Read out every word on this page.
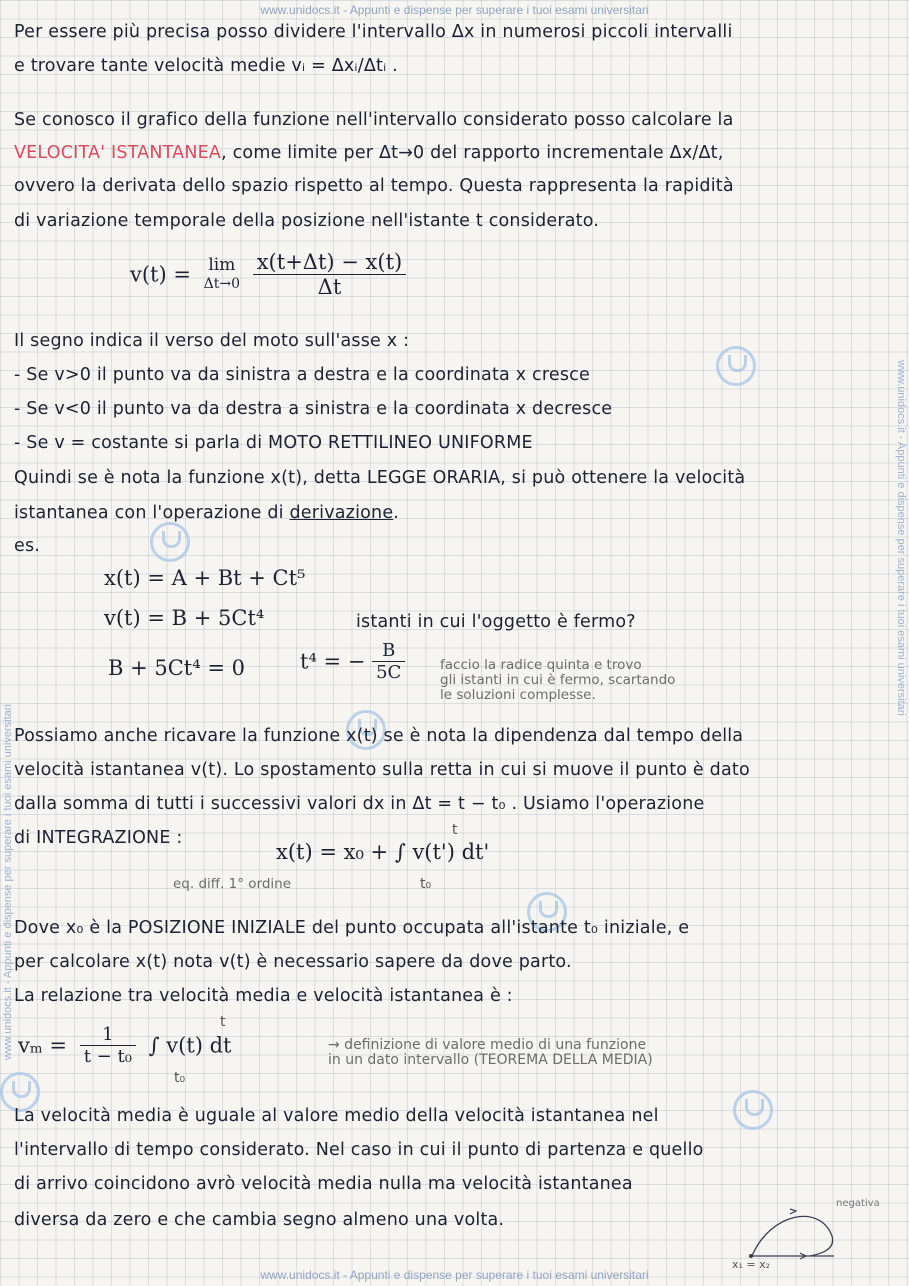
www.unidocs.it - Appunti e dispense per superare i tuoi esami universitari
www.unidocs.it - Appunti e dispense per superare i tuoi esami universitari
www.unidocs.it - Appunti e dispense per superare i tuoi esami universitari
Per essere più precisa posso dividere l'intervallo Δx in numerosi piccoli intervalli
e trovare tante velocità medie vᵢ = Δxᵢ/Δtᵢ .
Se conosco il grafico della funzione nell'intervallo considerato posso calcolare la
VELOCITA' ISTANTANEA, come limite per Δt→0 del rapporto incrementale Δx/Δt,
ovvero la derivata dello spazio rispetto al tempo. Questa rappresenta la rapidità
di variazione temporale della posizione nell'istante t considerato.
v(t) = lim
Δt→0
$\frac{x(t+\Delta t) - x(t)}{\Delta t}$
Il segno indica il verso del moto sull'asse x :
- Se v>0 il punto va da sinistra a destra e la coordinata x cresce
- Se v<0 il punto va da destra a sinistra e la coordinata x decresce
- Se v = costante si parla di MOTO RETTILINEO UNIFORME
Quindi se è nota la funzione x(t), detta LEGGE ORARIA, si può ottenere la velocità
istantanea con l'operazione di derivazione.
es.
x(t) = A + Bt + Ct⁵
v(t) = B + 5Ct⁴	istanti in cui l'oggetto è fermo?
B + 5Ct⁴ = 0	t⁴ = − $\frac{B}{5C}$	faccio la radice quinta e trovo
gli istanti in cui è fermo, scartando
le soluzioni complesse.
Possiamo anche ricavare la funzione x(t) se è nota la dipendenza dal tempo della
velocità istantanea v(t). Lo spostamento sulla retta in cui si muove il punto è dato
dalla somma di tutti i successivi valori dx in Δt = t − t₀ . Usiamo l'operazione
di INTEGRAZIONE :
x(t) = x₀ + ∫ v(t') dt'
t
t₀
eq. diff. 1° ordine
Dove x₀ è la POSIZIONE INIZIALE del punto occupata all'istante t₀ iniziale, e
per calcolare x(t) nota v(t) è necessario sapere da dove parto.
La relazione tra velocità media e velocità istantanea è :
$v_m = \frac{1}{\text{t − t₀}}$ ∫ v(t) dt
t
t₀
→ definizione di valore medio di una funzione
in un dato intervallo (TEOREMA DELLA MEDIA)
La velocità media è uguale al valore medio della velocità istantanea nel
l'intervallo di tempo considerato. Nel caso in cui il punto di partenza e quello
di arrivo coincidono avrò velocità media nulla ma velocità istantanea
diversa da zero e che cambia segno almeno una volta.
negativa
x₁ = x₂
www.unidocs.it - Appunti e dispense per superare i tuoi esami universitari
